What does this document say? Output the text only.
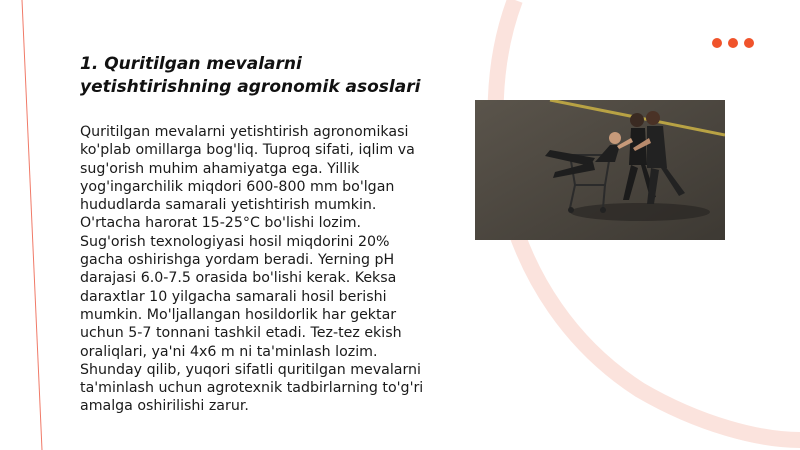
1. Quritilgan mevalarni yetishtirishning agronomik asoslari

Quritilgan mevalarni yetishtirish agronomikasi ko'plab omillarga bog'liq. Tuproq sifati, iqlim va sug'orish muhim ahamiyatga ega. Yillik yog'ingarchilik miqdori 600-800 mm bo'lgan hududlarda samarali yetishtirish mumkin. O'rtacha harorat 15-25°C bo'lishi lozim. Sug'orish texnologiyasi hosil miqdorini 20% gacha oshirishga yordam beradi. Yerning pH darajasi 6.0-7.5 orasida bo'lishi kerak. Keksa daraxtlar 10 yilgacha samarali hosil berishi mumkin. Mo'ljallangan hosildorlik har gektar uchun 5-7 tonnani tashkil etadi. Tez-tez ekish oraliqlari, ya'ni 4x6 m ni ta'minlash lozim. Shunday qilib, yuqori sifatli quritilgan mevalarni ta'minlash uchun agrotexnik tadbirlarning to'g'ri amalga oshirilishi zarur.
